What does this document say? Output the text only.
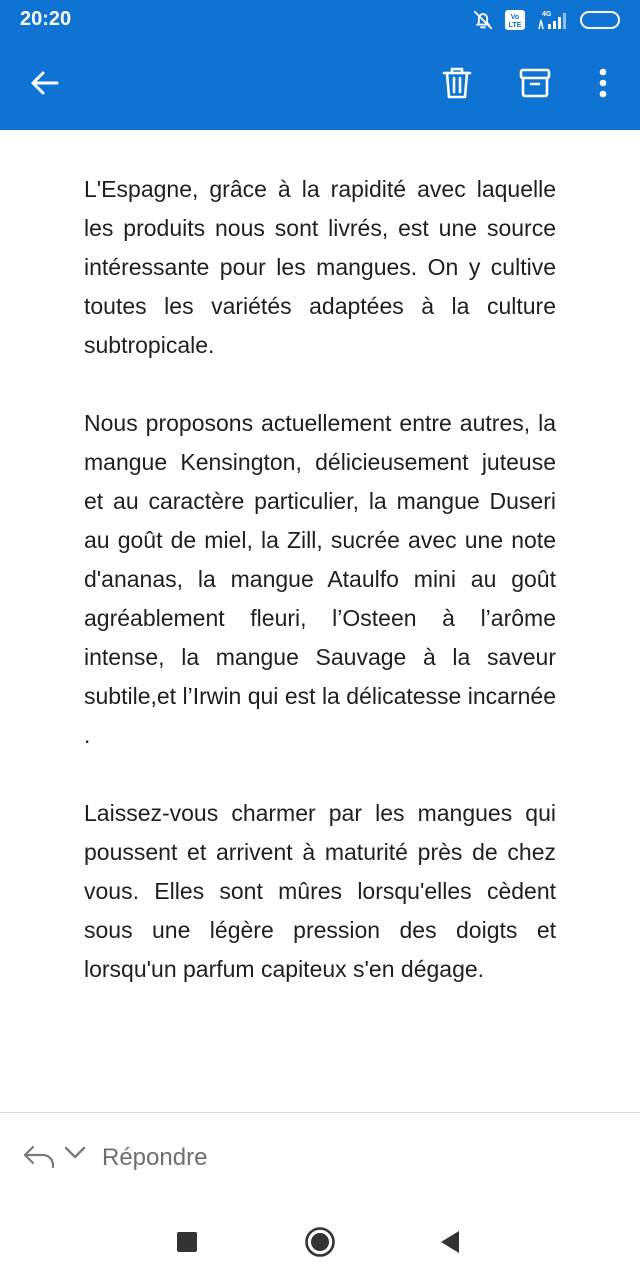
20:20	Vo
LTE
4G	88

L'Espagne, grâce à la rapidité avec laquelle les produits nous sont livrés, est une source intéressante pour les mangues. On y cultive toutes les variétés adaptées à la culture subtropicale.

Nous proposons actuellement entre autres, la mangue Kensington, délicieusement juteuse et au caractère particulier, la mangue Duseri au goût de miel, la Zill, sucrée avec une note d'ananas, la mangue Ataulfo mini au goût agréablement fleuri, l’Osteen à l’arôme intense, la mangue Sauvage à la saveur subtile,et l’Irwin qui est la délicatesse incarnée .

Laissez-vous charmer par les mangues qui poussent et arrivent à maturité près de chez vous. Elles sont mûres lorsqu'elles cèdent sous une légère pression des doigts et lorsqu'un parfum capiteux s'en dégage.

Répondre
